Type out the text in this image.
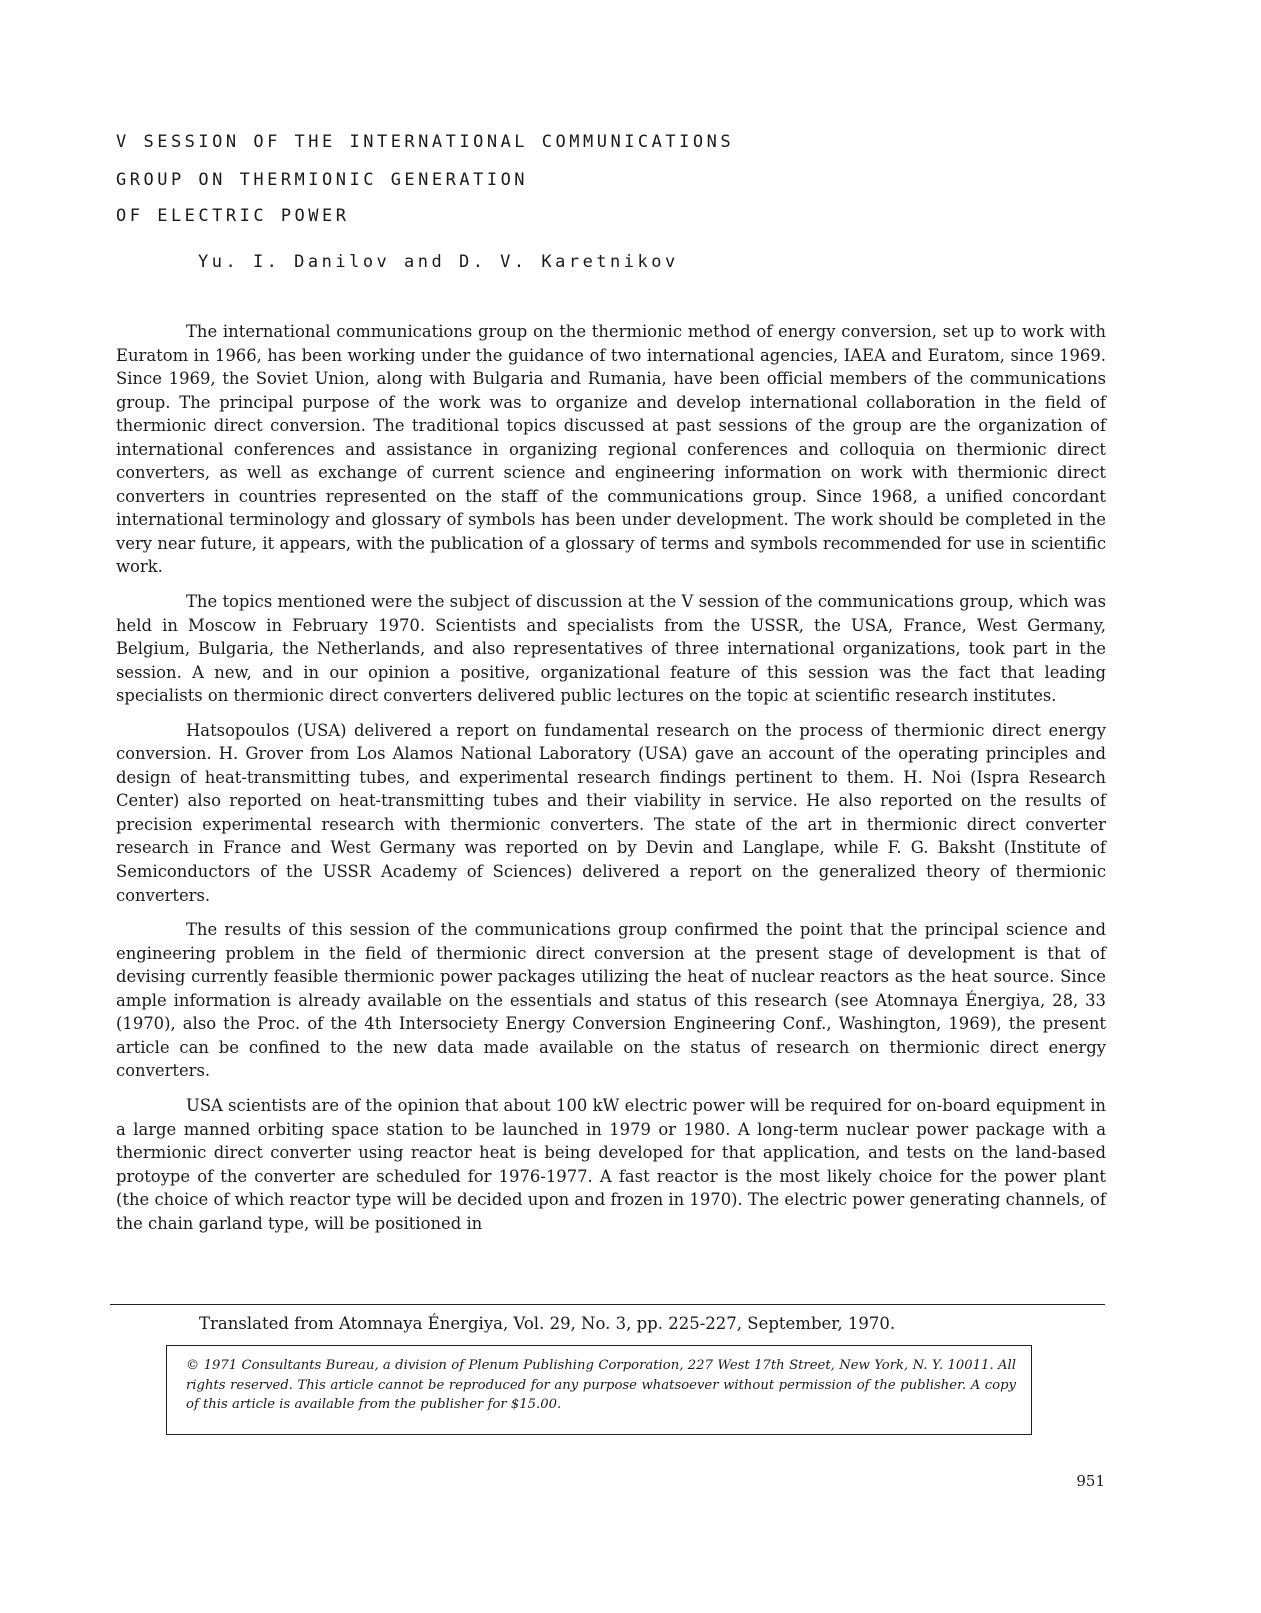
V SESSION OF THE INTERNATIONAL COMMUNICATIONS
GROUP ON THERMIONIC GENERATION
OF ELECTRIC POWER
Yu. I. Danilov and D. V. Karetnikov

The international communications group on the thermionic method of energy conversion, set up to work with Euratom in 1966, has been working under the guidance of two international agencies, IAEA and Euratom, since 1969. Since 1969, the Soviet Union, along with Bulgaria and Rumania, have been official members of the communications group. The principal purpose of the work was to organize and develop international collaboration in the field of thermionic direct conversion. The traditional topics discussed at past sessions of the group are the organization of international conferences and assistance in organizing regional conferences and colloquia on thermionic direct converters, as well as exchange of current science and engineering information on work with thermionic direct converters in countries represented on the staff of the communications group. Since 1968, a unified concordant international terminology and glossary of symbols has been under development. The work should be completed in the very near future, it appears, with the publication of a glossary of terms and symbols recommended for use in scientific work.

The topics mentioned were the subject of discussion at the V session of the communications group, which was held in Moscow in February 1970. Scientists and specialists from the USSR, the USA, France, West Germany, Belgium, Bulgaria, the Netherlands, and also representatives of three international organizations, took part in the session. A new, and in our opinion a positive, organizational feature of this session was the fact that leading specialists on thermionic direct converters delivered public lectures on the topic at scientific research institutes.

Hatsopoulos (USA) delivered a report on fundamental research on the process of thermionic direct energy conversion. H. Grover from Los Alamos National Laboratory (USA) gave an account of the operating principles and design of heat-transmitting tubes, and experimental research findings pertinent to them. H. Noi (Ispra Research Center) also reported on heat-transmitting tubes and their viability in service. He also reported on the results of precision experimental research with thermionic converters. The state of the art in thermionic direct converter research in France and West Germany was reported on by Devin and Langlape, while F. G. Baksht (Institute of Semiconductors of the USSR Academy of Sciences) delivered a report on the generalized theory of thermionic converters.

The results of this session of the communications group confirmed the point that the principal science and engineering problem in the field of thermionic direct conversion at the present stage of development is that of devising currently feasible thermionic power packages utilizing the heat of nuclear reactors as the heat source. Since ample information is already available on the essentials and status of this research (see Atomnaya Énergiya, 28, 33 (1970), also the Proc. of the 4th Intersociety Energy Conversion Engineering Conf., Washington, 1969), the present article can be confined to the new data made available on the status of research on thermionic direct energy converters.

USA scientists are of the opinion that about 100 kW electric power will be required for on-board equipment in a large manned orbiting space station to be launched in 1979 or 1980. A long-term nuclear power package with a thermionic direct converter using reactor heat is being developed for that application, and tests on the land-based protoype of the converter are scheduled for 1976-1977. A fast reactor is the most likely choice for the power plant (the choice of which reactor type will be decided upon and frozen in 1970). The electric power generating channels, of the chain garland type, will be positioned in

Translated from Atomnaya Énergiya, Vol. 29, No. 3, pp. 225-227, September, 1970.
© 1971 Consultants Bureau, a division of Plenum Publishing Corporation, 227 West 17th Street, New York, N. Y. 10011. All rights reserved. This article cannot be reproduced for any purpose whatsoever without permission of the publisher. A copy of this article is available from the publisher for $15.00.
951
